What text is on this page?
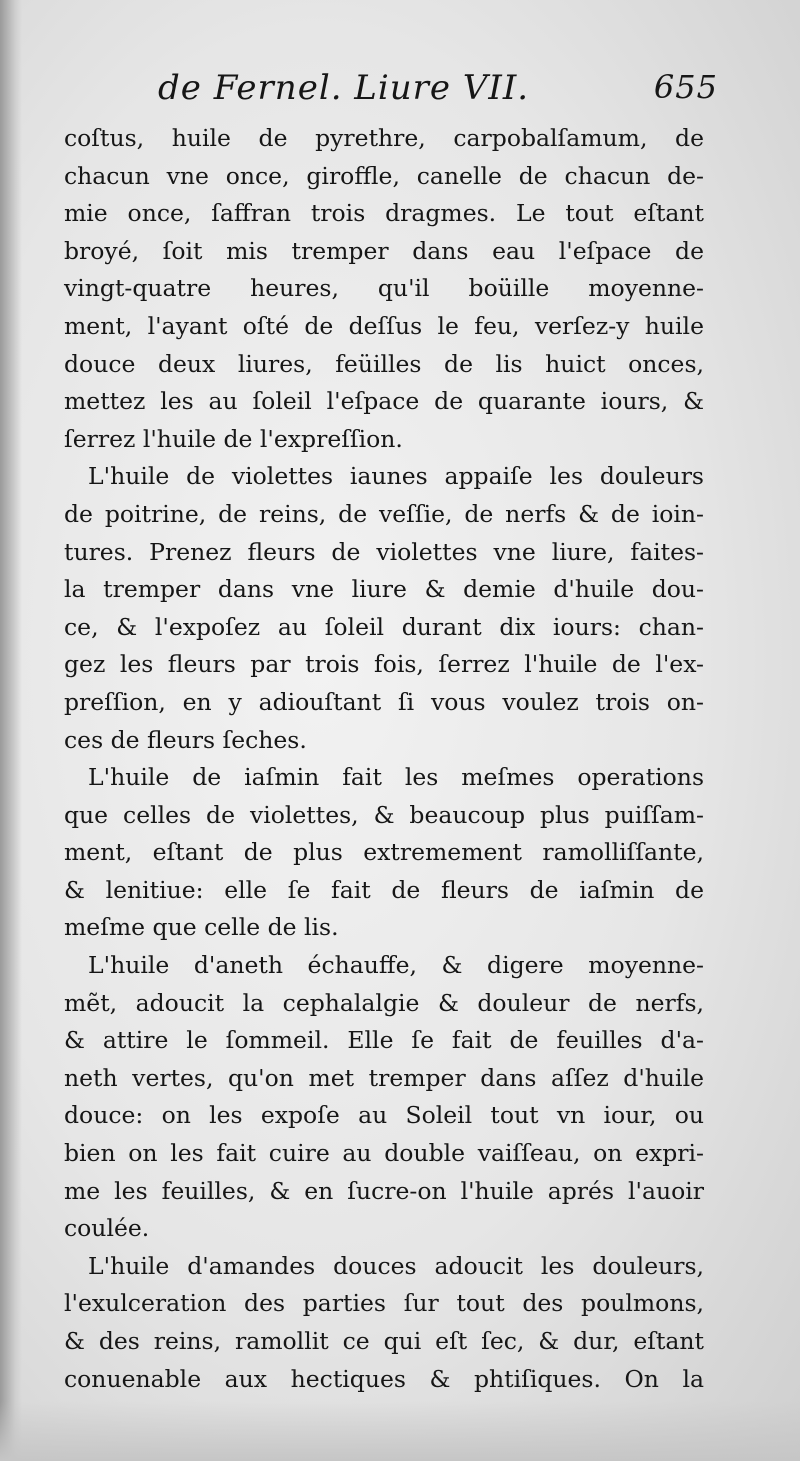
de Fernel. Liure VII.	655
coſtus, huile de pyrethre, carpobalſamum, de
chacun vne once, giroffle, canelle de chacun de-
mie once, ſaffran trois dragmes. Le tout eſtant
broyé, ſoit mis tremper dans eau l'eſpace de
vingt-quatre heures, qu'il boüille moyenne-
ment, l'ayant oſté de deſſus le feu, verſez-y huile
douce deux liures, feüilles de lis huict onces,
mettez les au ſoleil l'eſpace de quarante iours, &
ſerrez l'huile de l'expreſſion.
L'huile de violettes iaunes appaiſe les douleurs
de poitrine, de reins, de veſſie, de nerfs & de ioin-
tures. Prenez fleurs de violettes vne liure, faites-
la tremper dans vne liure & demie d'huile dou-
ce, & l'expoſez au ſoleil durant dix iours: chan-
gez les fleurs par trois fois, ſerrez l'huile de l'ex-
preſſion, en y adiouſtant ſi vous voulez trois on-
ces de fleurs ſeches.
L'huile de iaſmin fait les meſmes operations
que celles de violettes, & beaucoup plus puiſſam-
ment, eſtant de plus extremement ramolliſſante,
& lenitiue: elle ſe fait de fleurs de iaſmin de
meſme que celle de lis.
L'huile d'aneth échauffe, & digere moyenne-
mẽt, adoucit la cephalalgie & douleur de nerfs,
& attire le ſommeil. Elle ſe fait de feuilles d'a-
neth vertes, qu'on met tremper dans aſſez d'huile
douce: on les expoſe au Soleil tout vn iour, ou
bien on les fait cuire au double vaiſſeau, on expri-
me les feuilles, & en ſucre-on l'huile aprés l'auoir
coulée.
L'huile d'amandes douces adoucit les douleurs,
l'exulceration des parties ſur tout des poulmons,
& des reins, ramollit ce qui eſt ſec, & dur, eſtant
conuenable aux hectiques & phtiſiques. On la
